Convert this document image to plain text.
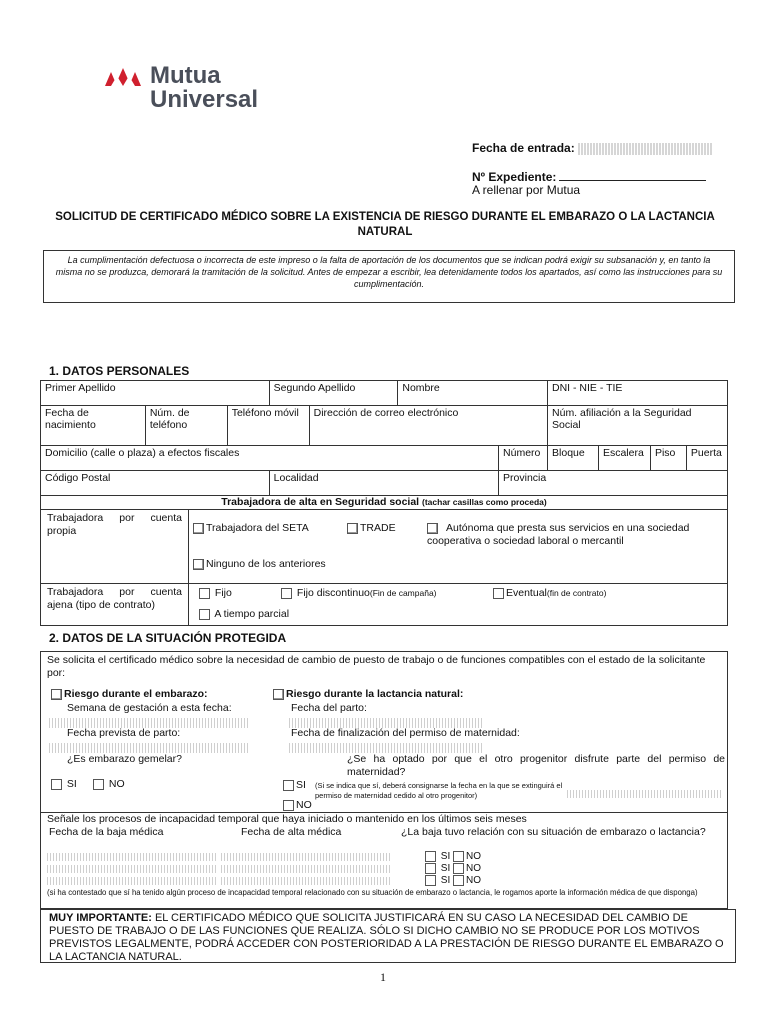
Mutua
Universal
Fecha de entrada:
Nº Expediente:
A rellenar por Mutua
SOLICITUD DE CERTIFICADO MÉDICO SOBRE LA EXISTENCIA DE RIESGO DURANTE EL EMBARAZO O LA LACTANCIA NATURAL
La cumplimentación defectuosa o incorrecta de este impreso o la falta de aportación de los documentos que se indican podrá exigir su subsanación y, en tanto la misma no se produzca, demorará la tramitación de la solicitud. Antes de empezar a escribir, lea detenidamente todos los apartados, así como las instrucciones para su cumplimentación.
1. DATOS PERSONALES
Primer Apellido			Segundo Apellido		Nombre		DNI - NIE - TIE			
Fecha de nacimiento	Núm. de teléfono	Teléfono móvil		Dirección de correo electrónico			Núm. afiliación a la Seguridad Social			
Domicilio (calle o plaza) a efectos fiscales						Número	Bloque	Escalera	Piso	Puerta
Código Postal			Localidad			Provincia				
Trabajadora de alta en Seguridad social (tachar casillas como proceda)
Trabajadora por cuenta propia	Trabajadora del SETA	TRADE	Autónoma que presta sus servicios en una sociedad cooperativa o sociedad laboral o mercantil
Ninguno de los anteriores
Trabajadora por cuenta ajena (tipo de contrato)
Fijo	Fijo discontinuo(Fin de campaña)	Eventual(fin de contrato)
A tiempo parcial
2. DATOS DE LA SITUACIÓN PROTEGIDA
Se solicita el certificado médico sobre la necesidad de cambio de puesto de trabajo o de funciones compatibles con el estado de la solicitante por:
Riesgo durante el embarazo:
Semana de gestación a esta fecha:
Fecha prevista de parto:
¿Es embarazo gemelar?
SI	NO
Riesgo durante la lactancia natural:
Fecha del parto:
Fecha de finalización del permiso de maternidad:
¿Se ha optado por que el otro progenitor disfrute parte del permiso de maternidad?
SI (Si se indica que sí, deberá consignarse la fecha en la que se extinguirá el permiso de maternidad cedido al otro progenitor)
NO
Señale los procesos de incapacidad temporal que haya iniciado o mantenido en los últimos seis meses
Fecha de la baja médica	Fecha de alta médica	¿La baja tuvo relación con su situación de embarazo o lactancia?
SI NO
SI NO
SI NO
(si ha contestado que sí ha tenido algún proceso de incapacidad temporal relacionado con su situación de embarazo o lactancia, le rogamos aporte la información médica de que disponga)
MUY IMPORTANTE: EL CERTIFICADO MÉDICO QUE SOLICITA JUSTIFICARÁ EN SU CASO LA NECESIDAD DEL CAMBIO DE PUESTO DE TRABAJO O DE LAS FUNCIONES QUE REALIZA. SÓLO SI DICHO CAMBIO NO SE PRODUCE POR LOS MOTIVOS PREVISTOS LEGALMENTE, PODRÁ ACCEDER CON POSTERIORIDAD A LA PRESTACIÓN DE RIESGO DURANTE EL EMBARAZO O LA LACTANCIA NATURAL.
1
